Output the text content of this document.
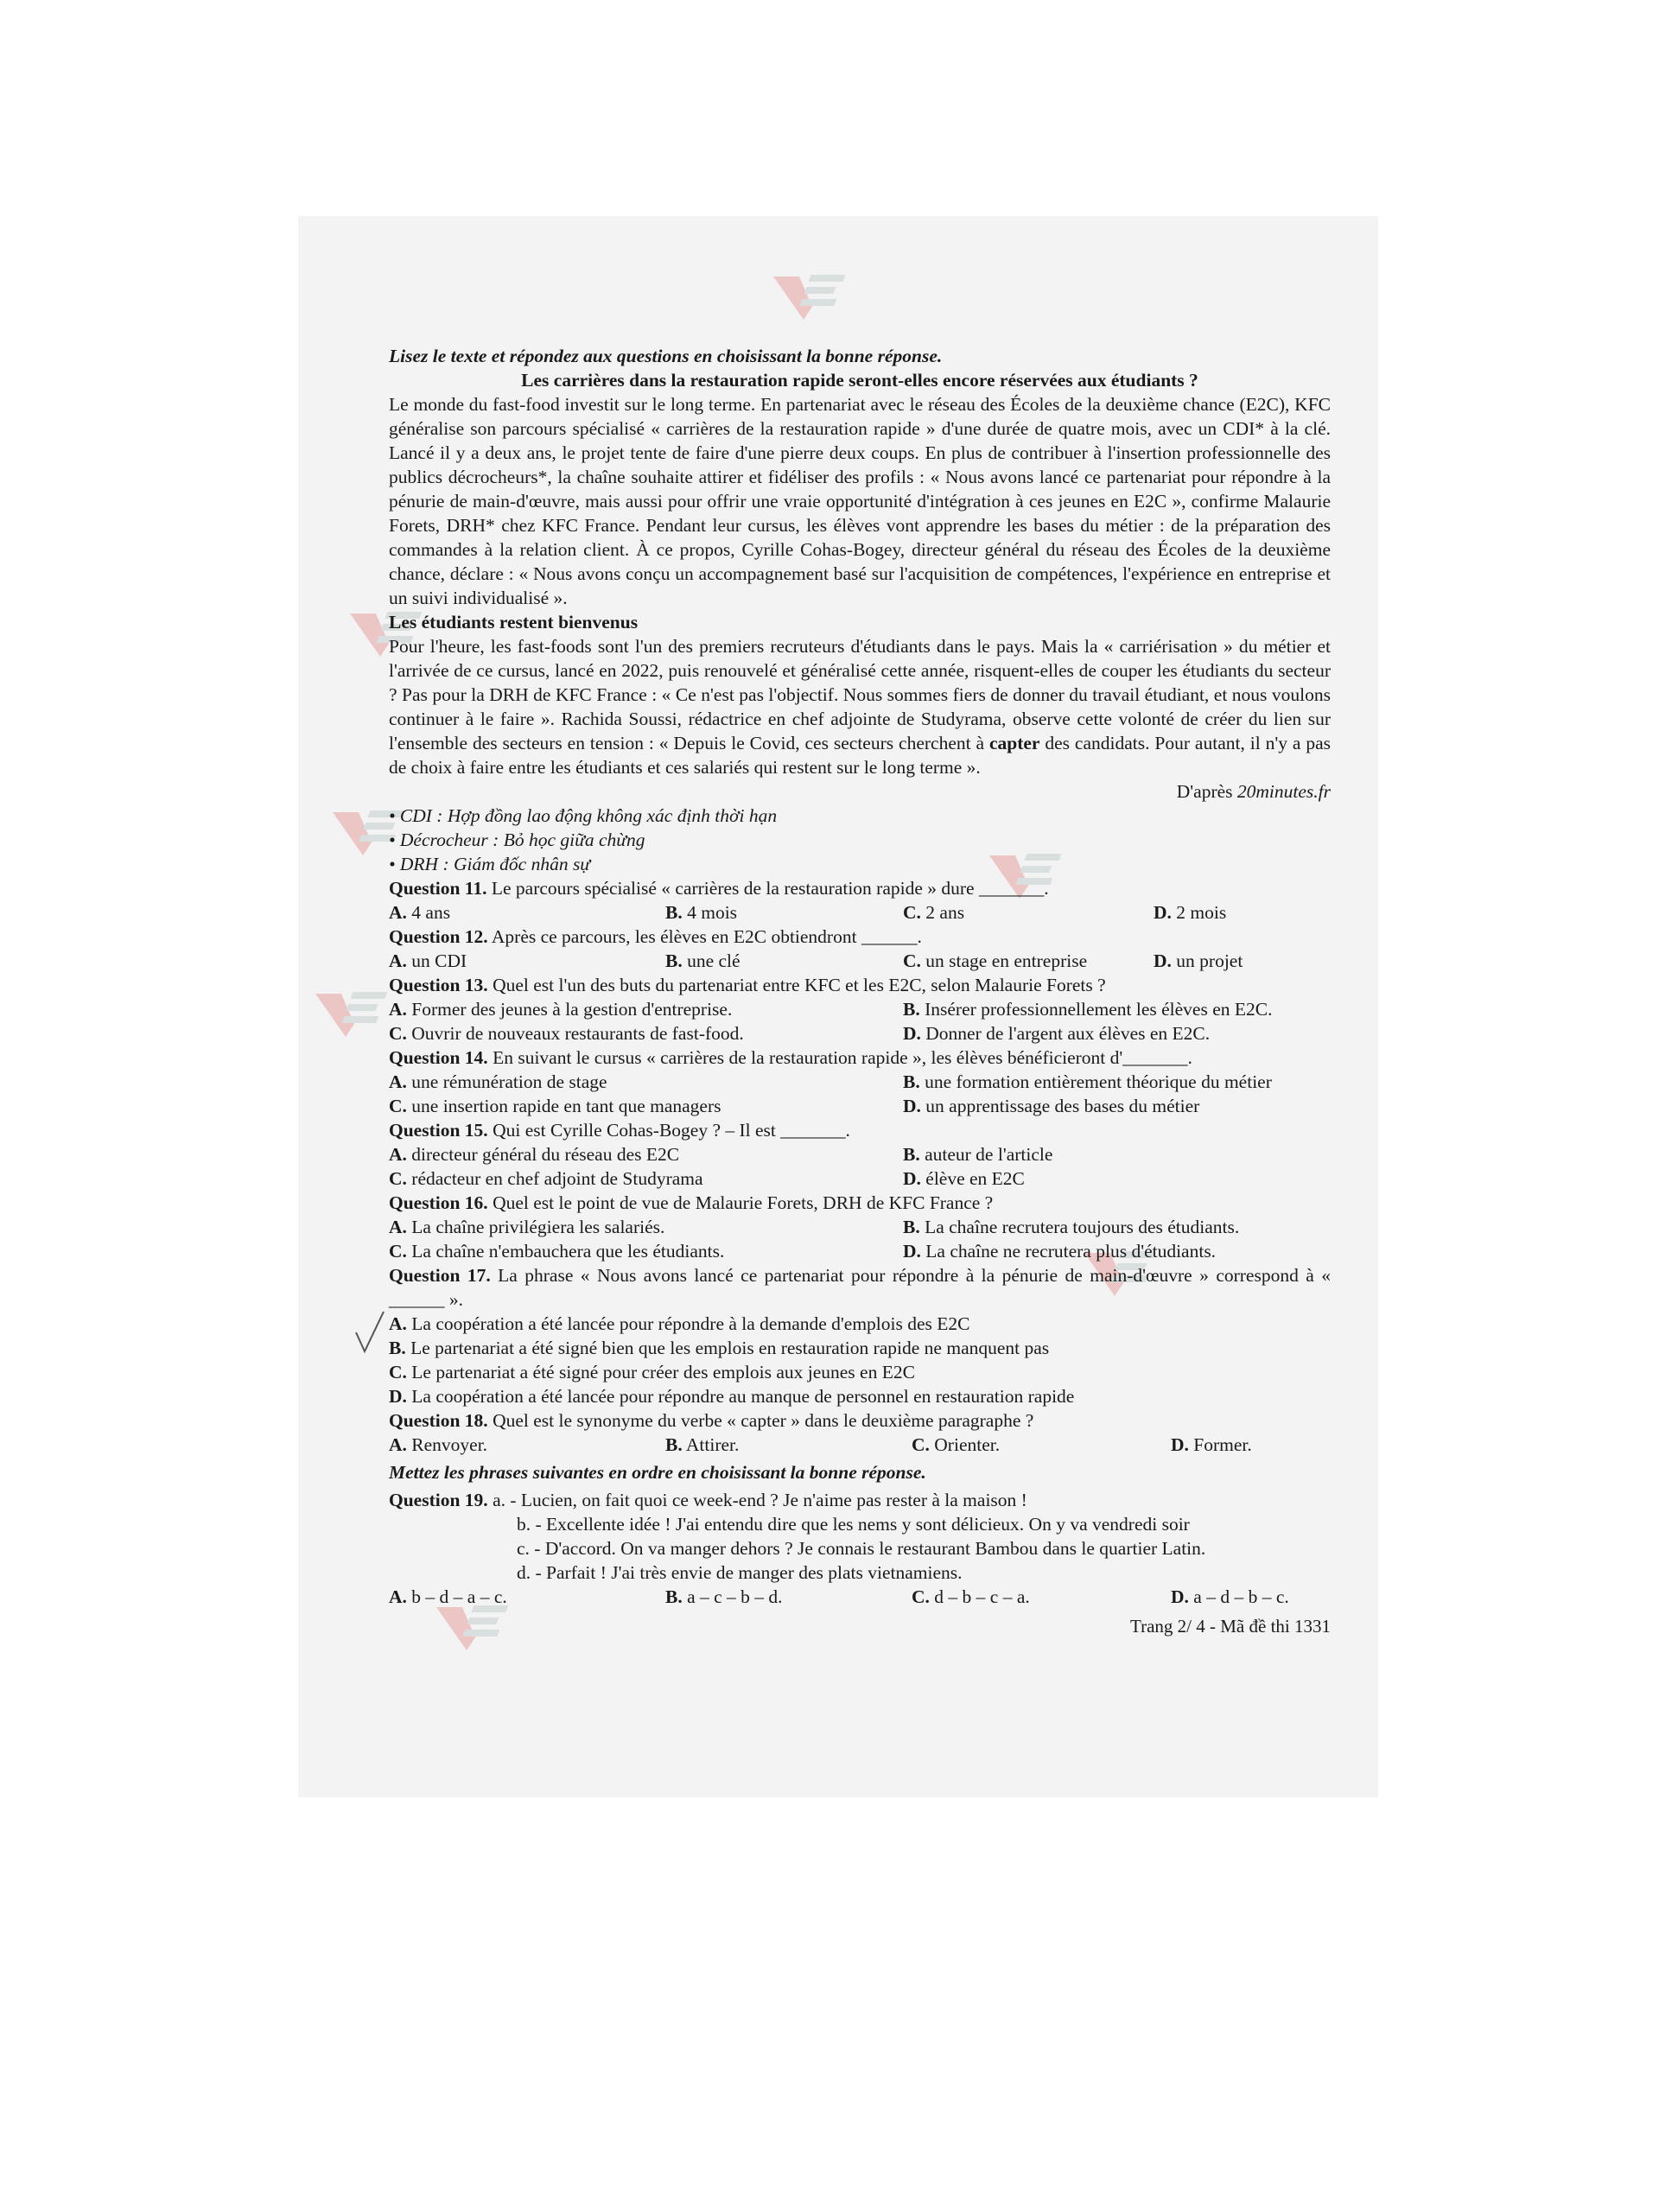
Lisez le texte et répondez aux questions en choisissant la bonne réponse.
Les carrières dans la restauration rapide seront-elles encore réservées aux étudiants ?
Le monde du fast-food investit sur le long terme. En partenariat avec le réseau des Écoles de la deuxième chance (E2C), KFC généralise son parcours spécialisé « carrières de la restauration rapide » d'une durée de quatre mois, avec un CDI* à la clé. Lancé il y a deux ans, le projet tente de faire d'une pierre deux coups. En plus de contribuer à l'insertion professionnelle des publics décrocheurs*, la chaîne souhaite attirer et fidéliser des profils : « Nous avons lancé ce partenariat pour répondre à la pénurie de main-d'œuvre, mais aussi pour offrir une vraie opportunité d'intégration à ces jeunes en E2C », confirme Malaurie Forets, DRH* chez KFC France. Pendant leur cursus, les élèves vont apprendre les bases du métier : de la préparation des commandes à la relation client. À ce propos, Cyrille Cohas-Bogey, directeur général du réseau des Écoles de la deuxième chance, déclare : « Nous avons conçu un accompagnement basé sur l'acquisition de compétences, l'expérience en entreprise et un suivi individualisé ».
Les étudiants restent bienvenus
Pour l'heure, les fast-foods sont l'un des premiers recruteurs d'étudiants dans le pays. Mais la « carriérisation » du métier et l'arrivée de ce cursus, lancé en 2022, puis renouvelé et généralisé cette année, risquent-elles de couper les étudiants du secteur ? Pas pour la DRH de KFC France : « Ce n'est pas l'objectif. Nous sommes fiers de donner du travail étudiant, et nous voulons continuer à le faire ». Rachida Soussi, rédactrice en chef adjointe de Studyrama, observe cette volonté de créer du lien sur l'ensemble des secteurs en tension : « Depuis le Covid, ces secteurs cherchent à capter des candidats. Pour autant, il n'y a pas de choix à faire entre les étudiants et ces salariés qui restent sur le long terme ».
D'après 20minutes.fr
• CDI : Hợp đồng lao động không xác định thời hạn
• Décrocheur : Bỏ học giữa chừng
• DRH : Giám đốc nhân sự
Question 11. Le parcours spécialisé « carrières de la restauration rapide » dure _______.
A. 4 ans	B. 4 mois	C. 2 ans	D. 2 mois
Question 12. Après ce parcours, les élèves en E2C obtiendront ______.
A. un CDI	B. une clé	C. un stage en entreprise	D. un projet
Question 13. Quel est l'un des buts du partenariat entre KFC et les E2C, selon Malaurie Forets ?
A. Former des jeunes à la gestion d'entreprise.	B. Insérer professionnellement les élèves en E2C.
C. Ouvrir de nouveaux restaurants de fast-food.	D. Donner de l'argent aux élèves en E2C.
Question 14. En suivant le cursus « carrières de la restauration rapide », les élèves bénéficieront d'_______.
A. une rémunération de stage	B. une formation entièrement théorique du métier
C. une insertion rapide en tant que managers	D. un apprentissage des bases du métier
Question 15. Qui est Cyrille Cohas-Bogey ? – Il est _______.
A. directeur général du réseau des E2C	B. auteur de l'article
C. rédacteur en chef adjoint de Studyrama	D. élève en E2C
Question 16. Quel est le point de vue de Malaurie Forets, DRH de KFC France ?
A. La chaîne privilégiera les salariés.	B. La chaîne recrutera toujours des étudiants.
C. La chaîne n'embauchera que les étudiants.	D. La chaîne ne recrutera plus d'étudiants.
Question 17. La phrase « Nous avons lancé ce partenariat pour répondre à la pénurie de main-d'œuvre » correspond à « ______ ».
A. La coopération a été lancée pour répondre à la demande d'emplois des E2C
B. Le partenariat a été signé bien que les emplois en restauration rapide ne manquent pas
C. Le partenariat a été signé pour créer des emplois aux jeunes en E2C
D. La coopération a été lancée pour répondre au manque de personnel en restauration rapide
Question 18. Quel est le synonyme du verbe « capter » dans le deuxième paragraphe ?
A. Renvoyer.	B. Attirer.	C. Orienter.	D. Former.
Mettez les phrases suivantes en ordre en choisissant la bonne réponse.
Question 19. a. - Lucien, on fait quoi ce week-end ? Je n'aime pas rester à la maison !
b. - Excellente idée ! J'ai entendu dire que les nems y sont délicieux. On y va vendredi soir
c. - D'accord. On va manger dehors ? Je connais le restaurant Bambou dans le quartier Latin.
d. - Parfait ! J'ai très envie de manger des plats vietnamiens.
A. b – d – a – c.	B. a – c – b – d.	C. d – b – c – a.	D. a – d – b – c.
Trang 2/ 4 - Mã đề thi 1331
